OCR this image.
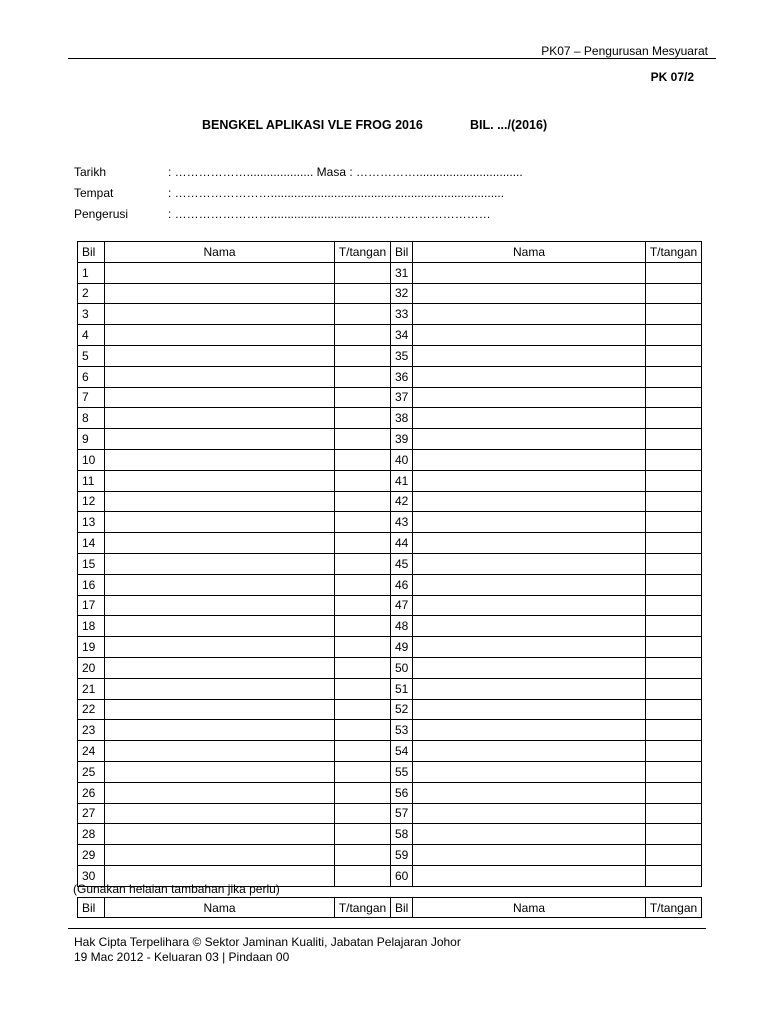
PK07 – Pengurusan Mesyuarat
PK 07/2
BENGKEL APLIKASI VLE FROG 2016	BIL. .../(2016)
Tarikh	: ……………….................... Masa : ……………................................
Tempat	: ……………………......................................................................
Pengerusi	: ……………………..............................…………………………
Bil	Nama	T/tangan	Bil	Nama	T/tangan
1			31		
2			32		
3			33		
4			34		
5			35		
6			36		
7			37		
8			38		
9			39		
10			40		
11			41		
12			42		
13			43		
14			44		
15			45		
16			46		
17			47		
18			48		
19			49		
20			50		
21			51		
22			52		
23			53		
24			54		
25			55		
26			56		
27			57		
28			58		
29			59		
30			60		
(Gunakan helaian tambahan jika perlu)
Bil	Nama	T/tangan	Bil	Nama	T/tangan
Hak Cipta Terpelihara © Sektor Jaminan Kualiti, Jabatan Pelajaran Johor
19 Mac 2012 - Keluaran 03 | Pindaan 00
